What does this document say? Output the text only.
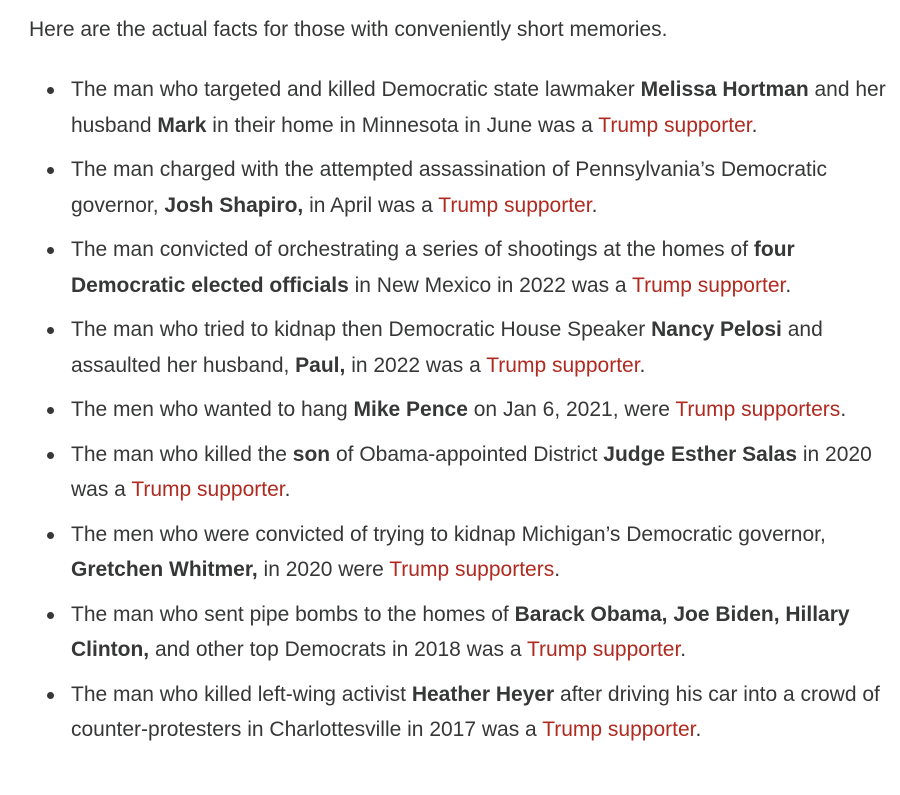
Here are the actual facts for those with conveniently short memories.

The man who targeted and killed Democratic state lawmaker Melissa Hortman and her husband Mark in their home in Minnesota in June was a Trump supporter.
The man charged with the attempted assassination of Pennsylvania’s Democratic governor, Josh Shapiro, in April was a Trump supporter.
The man convicted of orchestrating a series of shootings at the homes of four Democratic elected officials in New Mexico in 2022 was a Trump supporter.
The man who tried to kidnap then Democratic House Speaker Nancy Pelosi and assaulted her husband, Paul, in 2022 was a Trump supporter.
The men who wanted to hang Mike Pence on Jan 6, 2021, were Trump supporters.
The man who killed the son of Obama-appointed District Judge Esther Salas in 2020 was a Trump supporter.
The men who were convicted of trying to kidnap Michigan’s Democratic governor, Gretchen Whitmer, in 2020 were Trump supporters.
The man who sent pipe bombs to the homes of Barack Obama, Joe Biden, Hillary Clinton, and other top Democrats in 2018 was a Trump supporter.
The man who killed left-wing activist Heather Heyer after driving his car into a crowd of counter-protesters in Charlottesville in 2017 was a Trump supporter.
